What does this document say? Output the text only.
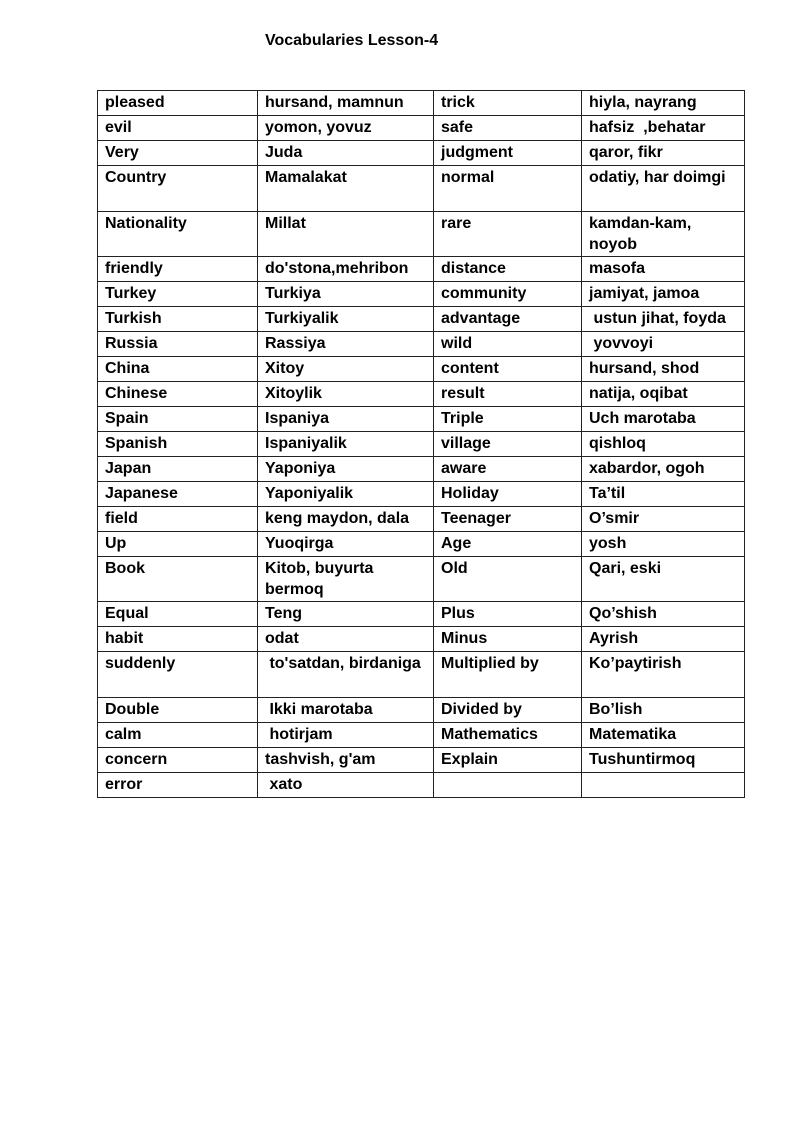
Vocabularies Lesson-4
pleased	hursand, mamnun	trick	hiyla, nayrang
evil	yomon, yovuz	safe	hafsiz  ,behatar
Very	Juda	judgment	qaror, fikr
Country	Mamalakat	normal	odatiy, har doimgi
Nationality	Millat	rare	kamdan-kam, noyob
friendly	do'stona,mehribon	distance	masofa
Turkey	Turkiya	community	jamiyat, jamoa
Turkish	Turkiyalik	advantage	ustun jihat, foyda
Russia	Rassiya	wild	yovvoyi
China	Xitoy	content	hursand, shod
Chinese	Xitoylik	result	natija, oqibat
Spain	Ispaniya	Triple	Uch marotaba
Spanish	Ispaniyalik	village	qishloq
Japan	Yaponiya	aware	xabardor, ogoh
Japanese	Yaponiyalik	Holiday	Ta’til
field	keng maydon, dala	Teenager	O’smir
Up	Yuoqirga	Age	yosh
Book	Kitob, buyurta bermoq	Old	Qari, eski
Equal	Teng	Plus	Qo’shish
habit	odat	Minus	Ayrish
suddenly	to'satdan, birdaniga	Multiplied by	Ko’paytirish
Double	Ikki marotaba	Divided by	Bo’lish
calm	hotirjam	Mathematics	Matematika
concern	tashvish, g'am	Explain	Tushuntirmoq
error	xato		
